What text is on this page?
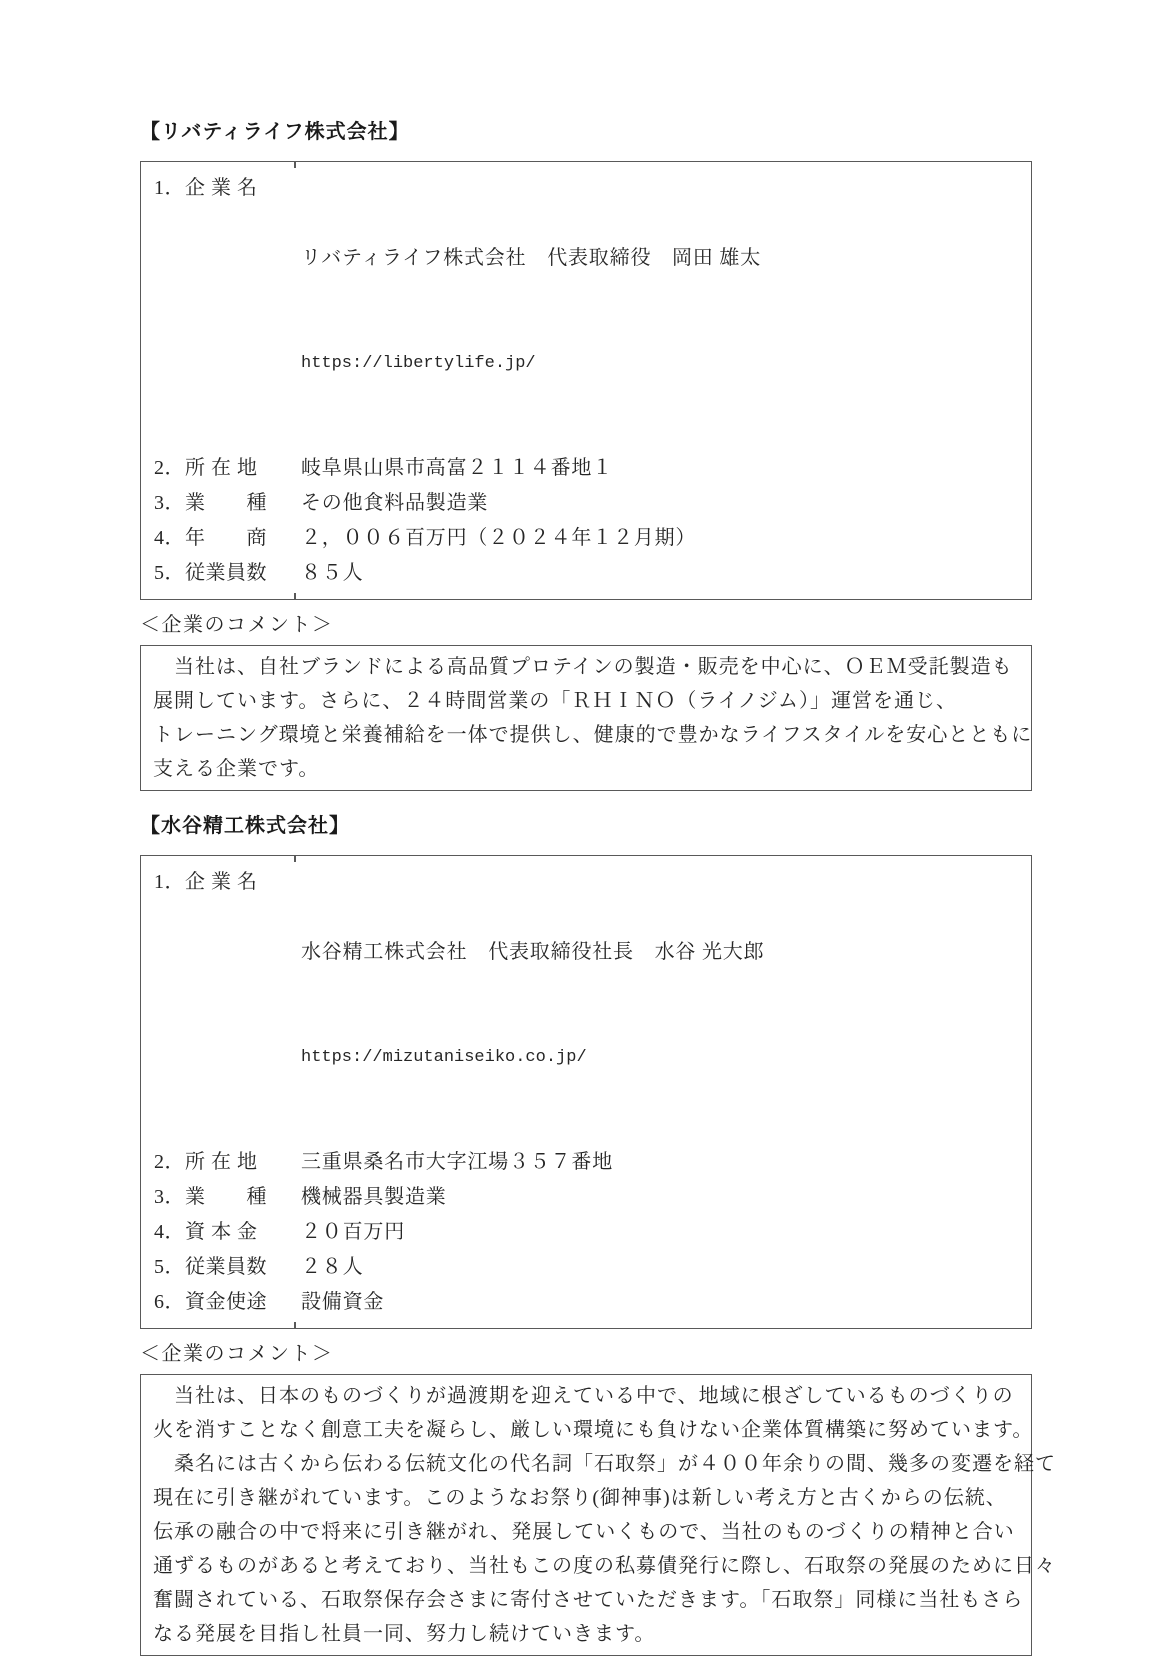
【リバティライフ株式会社】
1．企 業 名

リバティライフ株式会社　代表取締役　岡田 雄太

https://libertylife.jp/

2．所 在 地	岐阜県山県市高富２１１４番地１
3．業　　種	その他食料品製造業
4．年　　商	２，００６百万円（２０２４年１２月期）
5．従業員数	８５人
＜企業のコメント＞
　当社は、自社ブランドによる高品質プロテインの製造・販売を中心に、ＯＥＭ受託製造も
展開しています。さらに、２４時間営業の「ＲＨＩＮＯ（ライノジム）」運営を通じ、
トレーニング環境と栄養補給を一体で提供し、健康的で豊かなライフスタイルを安心とともに
支える企業です。
【水谷精工株式会社】
1．企 業 名

水谷精工株式会社　代表取締役社長　水谷 光大郎

https://mizutaniseiko.co.jp/

2．所 在 地	三重県桑名市大字江場３５７番地
3．業　　種	機械器具製造業
4．資 本 金	２０百万円
5．従業員数	２８人
6．資金使途	設備資金
＜企業のコメント＞
　当社は、日本のものづくりが過渡期を迎えている中で、地域に根ざしているものづくりの
火を消すことなく創意工夫を凝らし、厳しい環境にも負けない企業体質構築に努めています。
　桑名には古くから伝わる伝統文化の代名詞「石取祭」が４００年余りの間、幾多の変遷を経て
現在に引き継がれています。このようなお祭り(御神事)は新しい考え方と古くからの伝統、
伝承の融合の中で将来に引き継がれ、発展していくもので、当社のものづくりの精神と合い
通ずるものがあると考えており、当社もこの度の私募債発行に際し、石取祭の発展のために日々
奮闘されている、石取祭保存会さまに寄付させていただきます。「石取祭」同様に当社もさら
なる発展を目指し社員一同、努力し続けていきます。
